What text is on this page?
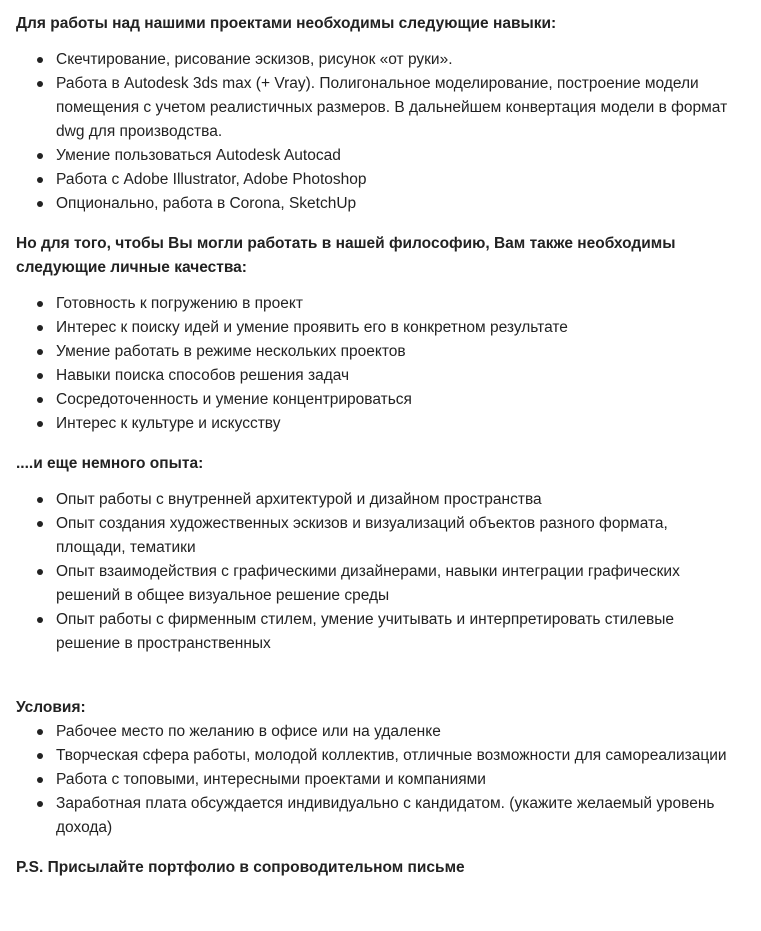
Для работы над нашими проектами необходимы следующие навыки:

Скечтирование, рисование эскизов, рисунок «от руки».
Работа в Autodesk 3ds max (+ Vray). Полигональное моделирование, построение модели помещения с учетом реалистичных размеров. В дальнейшем конвертация модели в формат dwg для производства.
Умение пользоваться Autodesk Autocad
Работа с Adobe Illustrator, Adobe Photoshop
Опционально, работа в Corona, SketchUp

Но для того, чтобы Вы могли работать в нашей философию, Вам также необходимы следующие личные качества:

Готовность к погружению в проект
Интерес к поиску идей и умение проявить его в конкретном результате
Умение работать в режиме нескольких проектов
Навыки поиска способов решения задач
Сосредоточенность и умение концентрироваться
Интерес к культуре и искусству

....и еще немного опыта:

Опыт работы с внутренней архитектурой и дизайном пространства
Опыт создания художественных эскизов и визуализаций объектов разного формата, площади, тематики
Опыт взаимодействия с графическими дизайнерами, навыки интеграции графических решений в общее визуальное решение среды
Опыт работы с фирменным стилем, умение учитывать и интерпретировать стилевые решение в пространственных

Условия:

Рабочее место по желанию в офисе или на удаленке
Творческая сфера работы, молодой коллектив, отличные возможности для самореализации
Работа с топовыми, интересными проектами и компаниями
Заработная плата обсуждается индивидуально с кандидатом. (укажите желаемый уровень дохода)

P.S. Присылайте портфолио в сопроводительном письме
